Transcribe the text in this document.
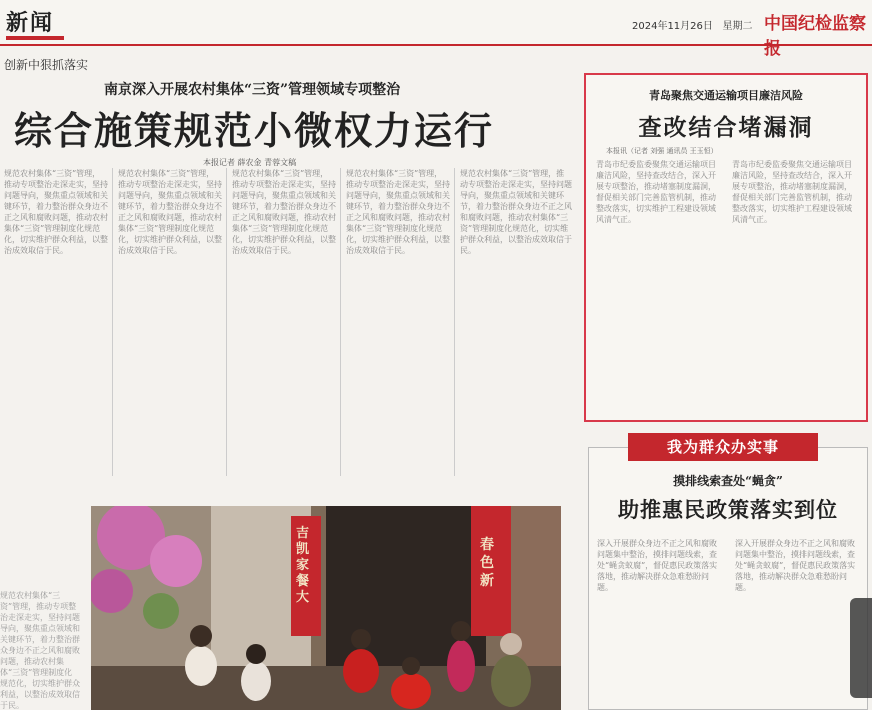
新闻	2024年11月26日 星期二 中国纪检监察报
创新中狠抓落实
南京深入开展农村集体“三资”管理领域专项整治
综合施策规范小微权力运行
本报记者 薛农金 青蓉文稿

规范农村集体“三资”管理，推动专项整治走深走实，坚持问题导向，聚焦重点领域和关键环节，着力整治群众身边不正之风和腐败问题，推动农村集体“三资”管理制度化规范化，切实维护群众利益，以整治成效取信于民。

规范农村集体“三资”管理，推动专项整治走深走实，坚持问题导向，聚焦重点领域和关键环节，着力整治群众身边不正之风和腐败问题，推动农村集体“三资”管理制度化规范化，切实维护群众利益，以整治成效取信于民。

规范农村集体“三资”管理，推动专项整治走深走实，坚持问题导向，聚焦重点领域和关键环节，着力整治群众身边不正之风和腐败问题，推动农村集体“三资”管理制度化规范化，切实维护群众利益，以整治成效取信于民。

规范农村集体“三资”管理，推动专项整治走深走实，坚持问题导向，聚焦重点领域和关键环节，着力整治群众身边不正之风和腐败问题，推动农村集体“三资”管理制度化规范化，切实维护群众利益，以整治成效取信于民。

规范农村集体“三资”管理，推动专项整治走深走实，坚持问题导向，聚焦重点领域和关键环节，着力整治群众身边不正之风和腐败问题，推动农村集体“三资”管理制度化规范化，切实维护群众利益，以整治成效取信于民。

青岛聚焦交通运输项目廉洁风险
查改结合堵漏洞
本报讯（记者 刘强 通讯员 王玉恒）

青岛市纪委监委聚焦交通运输项目廉洁风险，坚持查改结合，深入开展专项整治，推动堵塞制度漏洞，督促相关部门完善监管机制，推动整改落实，切实维护工程建设领域风清气正。

青岛市纪委监委聚焦交通运输项目廉洁风险，坚持查改结合，深入开展专项整治，推动堵塞制度漏洞，督促相关部门完善监管机制，推动整改落实，切实维护工程建设领域风清气正。

摸排线索查处“蝇贪”
助推惠民政策落实到位

深入开展群众身边不正之风和腐败问题集中整治，摸排问题线索，查处“蝇贪蚁腐”，督促惠民政策落实落地，推动解决群众急难愁盼问题。

深入开展群众身边不正之风和腐败问题集中整治，摸排问题线索，查处“蝇贪蚁腐”，督促惠民政策落实落地，推动解决群众急难愁盼问题。

我为群众办实事

规范农村集体“三资”管理，推动专项整治走深走实，坚持问题导向，聚焦重点领域和关键环节，着力整治群众身边不正之风和腐败问题，推动农村集体“三资”管理制度化规范化，切实维护群众利益，以整治成效取信于民。

吉凯家餐大
春色新
